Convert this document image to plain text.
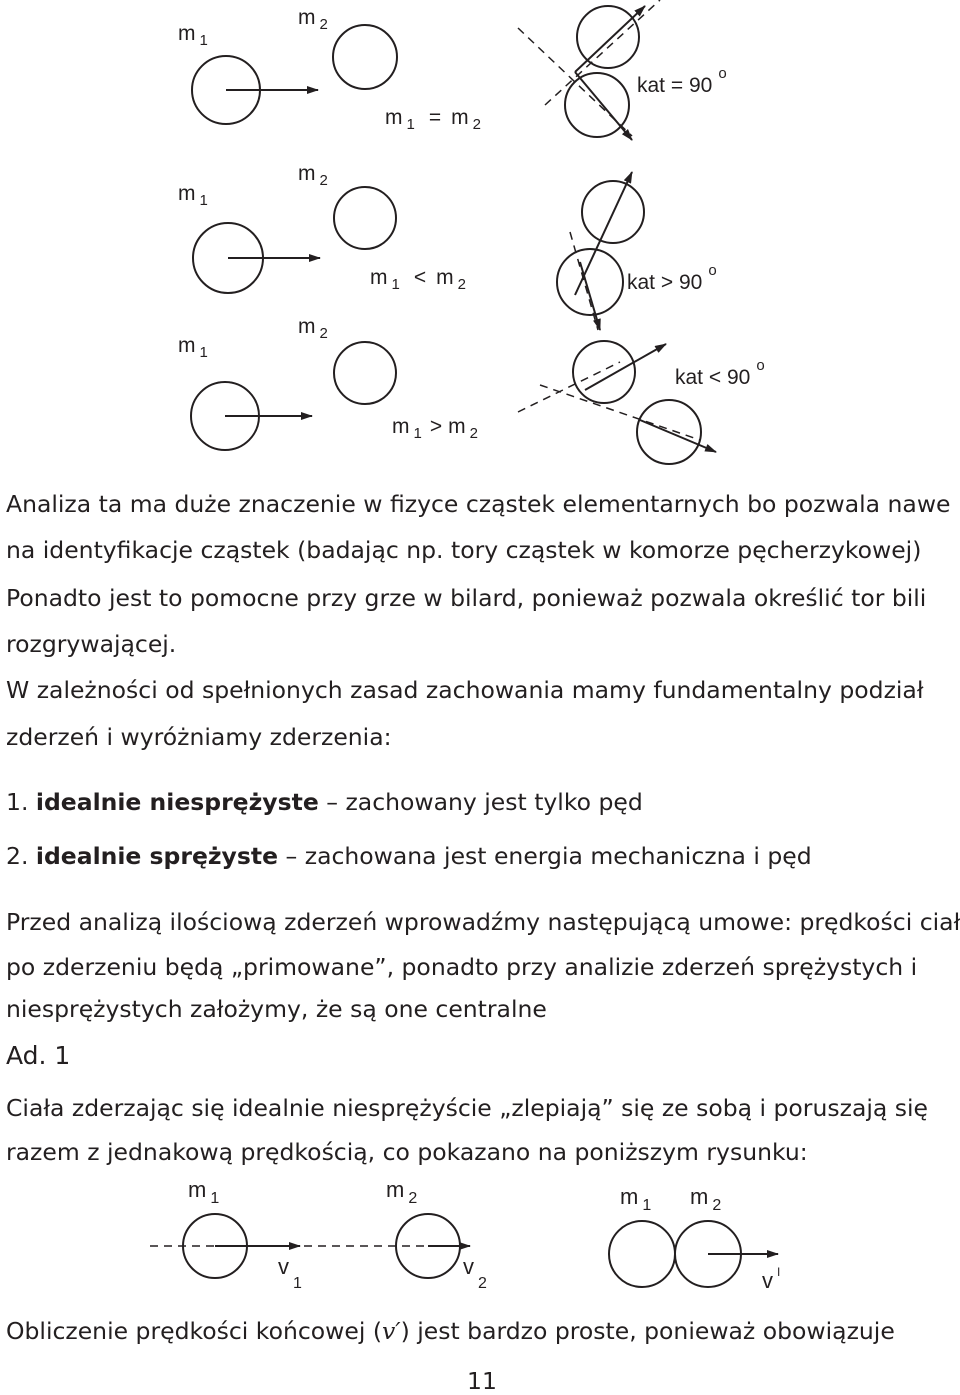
m $_1$
m $_2$
m $_1$ = m $_2$
kat = $90^o$
m $_1$
m $_2$
m $_1$ < m $_2$	kat > $90^o$
m $_1$
m $_2$
m $_1$ > m $_2$
kat < $90^o$
Analiza ta ma duże znaczenie w fizyce cząstek elementarnych bo pozwala nawe
na identyfikacje cząstek (badając np. tory cząstek w komorze pęcherzykowej)
Ponadto jest to pomocne przy grze w bilard, ponieważ pozwala określić tor bili
rozgrywającej.
W zależności od spełnionych zasad zachowania mamy fundamentalny podział
zderzeń i wyróżniamy zderzenia:
1. idealnie niesprężyste – zachowany jest tylko pęd
2. idealnie sprężyste – zachowana jest energia mechaniczna i pęd
Przed analizą ilościową zderzeń wprowadźmy następującą umowe: prędkości ciał
po zderzeniu będą „primowane”, ponadto przy analizie zderzeń sprężystych i
niesprężystych założymy, że są one centralne
Ad. 1
Ciała zderzając się idealnie niesprężyście „zlepiają” się ze sobą i poruszają się
razem z jednakową prędkością, co pokazano na poniższym rysunku:
m $_1$	m $_2$
$v_1$
$v_2$
m $_1$ m $_2$
v $^I$
Obliczenie prędkości końcowej (v′) jest bardzo proste, ponieważ obowiązuje
11
